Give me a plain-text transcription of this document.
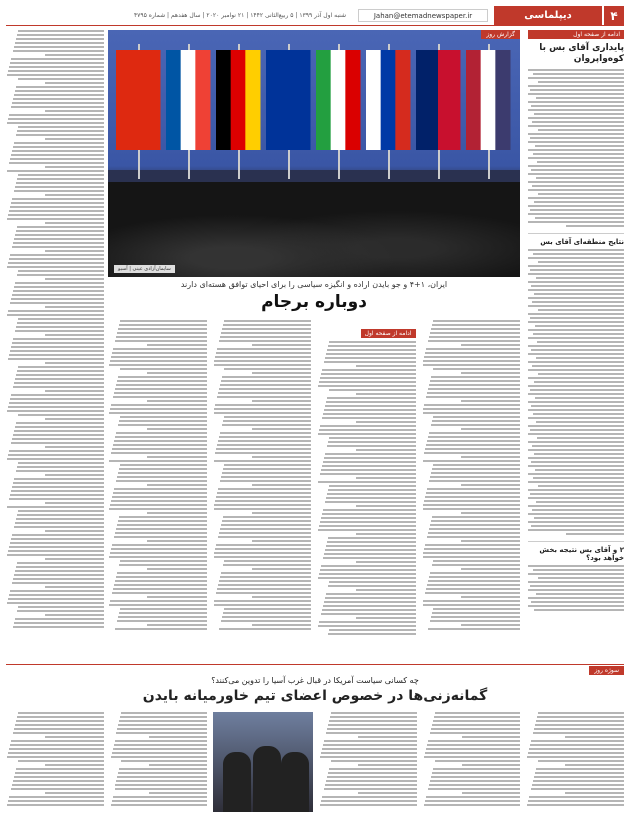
۴
دیپلماسی
Jahan@etemadnewspaper.ir
شنبه اول آذر ۱۳۹۹ | ۵ ربیع‌الثانی ۱۴۴۲ | ۲۱ نوامبر ۲۰۲۰ | سال هفدهم | شماره ۴۷۹۵
ادامه از صفحه اول
پایداری آقای بس با کوه‌واپروان
نتایج منطقه‌ای آقای بس
۲ و آقای بس نتیجه بخش خواهد بود؟
گزارش روز
سایمان‌آزادی عینی | آسیو
ایران، ۱+۴ و جو بایدن اراده و انگیزه سیاسی را برای احیای توافق هسته‌ای دارند
دوباره برجام
ادامه از صفحه اول
سوژه روز
چه کسانی سیاست آمریکا در قبال غرب آسیا را تدوین می‌کنند؟
گمانه‌زنی‌ها در خصوص اعضای تیم خاورمیانه بایدن
